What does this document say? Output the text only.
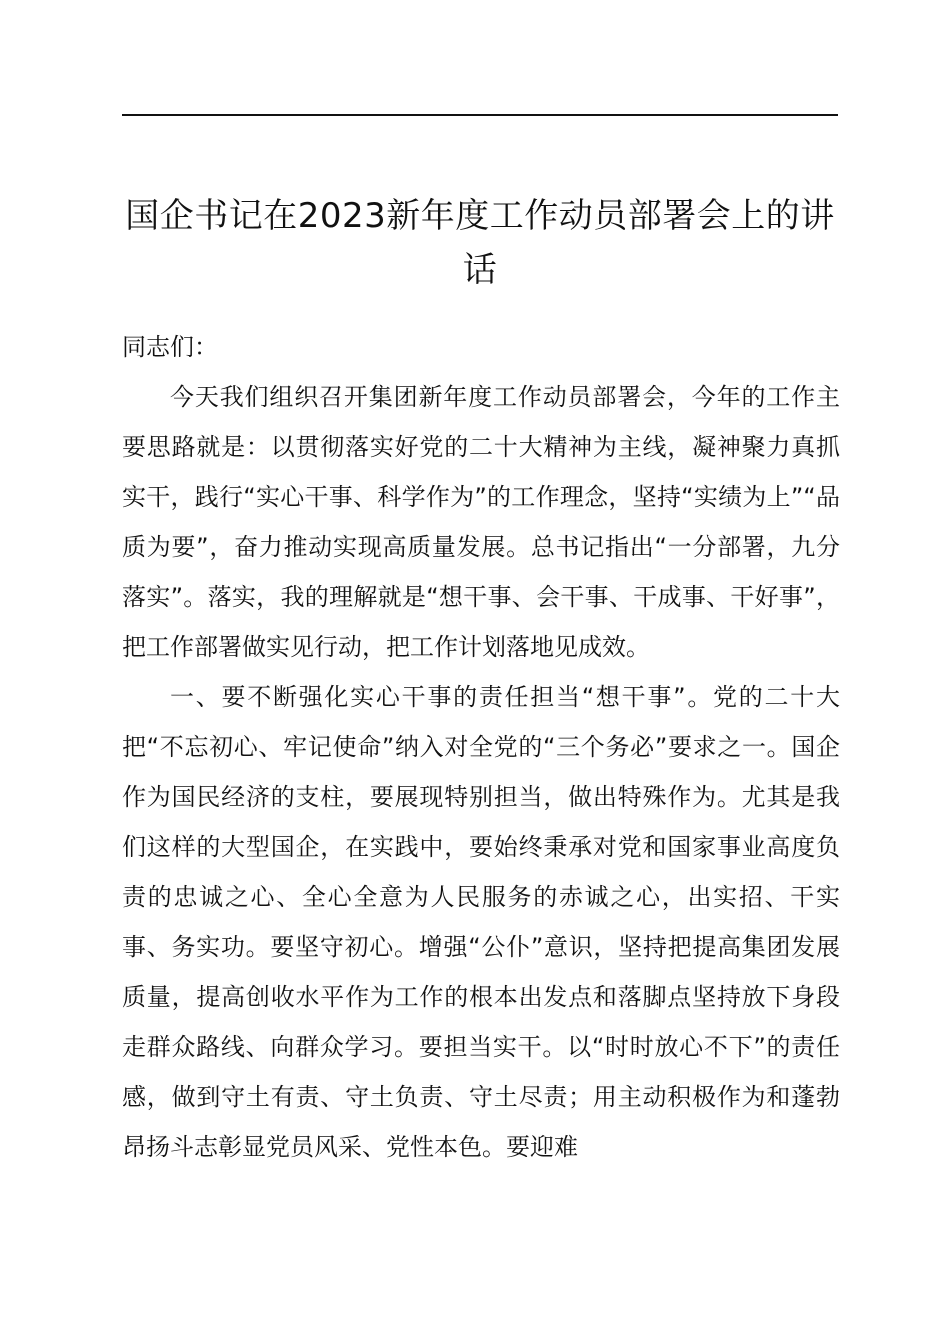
国企书记在2023新年度工作动员部署会上的讲话

同志们：

今天我们组织召开集团新年度工作动员部署会，今年的工作主要思路就是：以贯彻落实好党的二十大精神为主线，凝神聚力真抓实干，践行“实心干事、科学作为”的工作理念，坚持“实绩为上”“品质为要”，奋力推动实现高质量发展。总书记指出“一分部署，九分落实”。落实，我的理解就是“想干事、会干事、干成事、干好事”， 把工作部署做实见行动，把工作计划落地见成效。

一、要不断强化实心干事的责任担当“想干事”。党的二十大把“不忘初心、牢记使命”纳入对全党的“三个务必”要求之一。国企作为国民经济的支柱，要展现特别担当，做出特殊作为。尤其是我们这样的大型国企，在实践中，要始终秉承对党和国家事业高度负责的忠诚之心、全心全意为人民服务的赤诚之心，出实招、干实事、务实功。要坚守初心。增强“公仆”意识，坚持把提高集团发展质量，提高创收水平作为工作的根本出发点和落脚点坚持放下身段走群众路线、向群众学习。要担当实干。以“时时放心不下”的责任感，做到守土有责、守土负责、守土尽责；用主动积极作为和蓬勃昂扬斗志彰显党员风采、党性本色。要迎难
